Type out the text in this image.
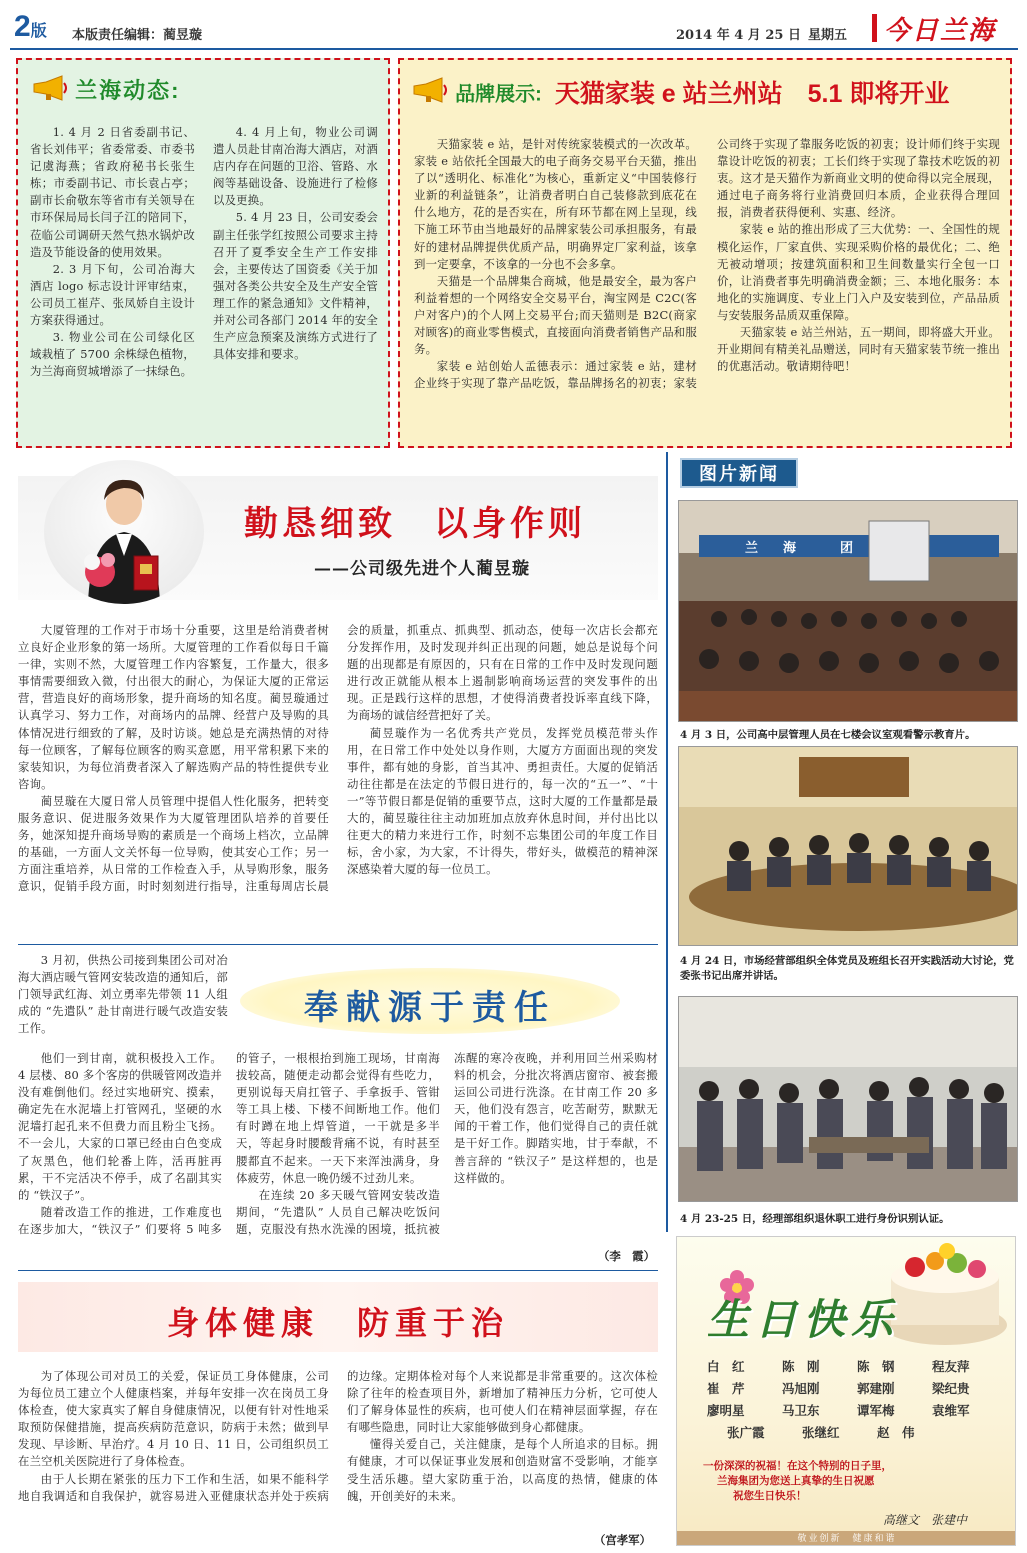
2版 本版责任编辑：蔺昱璇	2014 年 4 月 25 日 星期五 今日兰海
兰海动态:

1. 4 月 2 日省委副书记、省长刘伟平；省委常委、市委书记虞海燕；省政府秘书长张生栋；市委副书记、市长袁占亭；副市长俞敬东等省市有关领导在市环保局局长闫子江的陪同下，莅临公司调研天然气热水锅炉改造及节能设备的使用效果。

2. 3 月下旬，公司冶海大酒店 logo 标志设计评审结束，公司员工崔芹、张凤娇自主设计方案获得通过。

3. 物业公司在公司绿化区域栽植了 5700 余株绿色植物，为兰海商贸城增添了一抹绿色。

4. 4 月上旬，物业公司调遣人员赴甘南冶海大酒店，对酒店内存在问题的卫浴、管路、水阀等基础设备、设施进行了检修以及更换。

5. 4 月 23 日，公司安委会副主任张学红按照公司要求主持召开了夏季安全生产工作安排会，主要传达了国资委《关于加强对各类公共安全及生产安全管理工作的紧急通知》文件精神，并对公司各部门 2014 年的安全生产应急预案及演练方式进行了具体安排和要求。

品牌展示: 天猫家装 e 站兰州站　5.1 即将开业

天猫家装 e 站，是针对传统家装模式的一次改革。家装 e 站依托全国最大的电子商务交易平台天猫，推出了以“透明化、标准化”为核心，重新定义“中国装修行业新的利益链条”，让消费者明白自己装修款到底花在什么地方，花的是否实在，所有环节都在网上呈现，线下施工环节由当地最好的品牌家装公司承担服务，有最好的建材品牌提供优质产品，明确界定厂家利益，该拿到一定要拿，不该拿的一分也不会多拿。

天猫是一个品牌集合商城，他是最安全，最为客户利益着想的一个网络安全交易平台，淘宝网是 C2C(客户对客户)的个人网上交易平台;而天猫则是 B2C(商家对顾客)的商业零售模式，直接面向消费者销售产品和服务。

家装 e 站创始人孟德表示：通过家装 e 站，建材企业终于实现了靠产品吃饭，靠品牌扬名的初衷；家装公司终于实现了靠服务吃饭的初衷；设计师们终于实现靠设计吃饭的初衷；工长们终于实现了靠技术吃饭的初衷。这才是天猫作为新商业文明的使命得以完全展现，通过电子商务将行业消费回归本质，企业获得合理回报，消费者获得便利、实惠、经济。

家装 e 站的推出形成了三大优势：一、全国性的规模化运作，厂家直供、实现采购价格的最优化；二、绝无被动增项；按建筑面积和卫生间数量实行全包一口价，让消费者事先明确消费金额；三、本地化服务：本地化的实施调度、专业上门入户及安装到位，产品品质与安装服务品质双重保障。

天猫家装 e 站兰州站，五一期间，即将盛大开业。开业期间有精美礼品赠送，同时有天猫家装节统一推出的优惠活动。敬请期待吧！

勤恳细致　以身作则
——公司级先进个人蔺昱璇

大厦管理的工作对于市场十分重要，这里是给消费者树立良好企业形象的第一场所。大厦管理的工作看似每日千篇一律，实则不然，大厦管理工作内容繁复，工作量大，很多事情需要细致入微，付出很大的耐心，为保证大厦的正常运营，营造良好的商场形象，提升商场的知名度。蔺昱璇通过认真学习、努力工作，对商场内的品牌、经营户及导购的具体情况进行细致的了解，及时访谈。她总是充满热情的对待每一位顾客，了解每位顾客的购买意愿，用平常积累下来的家装知识，为每位消费者深入了解选购产品的特性提供专业咨询。

蔺昱璇在大厦日常人员管理中提倡人性化服务，把转变服务意识、促进服务效果作为大厦管理团队培养的首要任务，她深知提升商场导购的素质是一个商场上档次，立品牌的基础，一方面人文关怀每一位导购，使其安心工作；另一方面注重培养，从日常的工作检查入手，从导购形象，服务意识，促销手段方面，时时刻刻进行指导，注重每周店长晨会的质量，抓重点、抓典型、抓动态，使每一次店长会都充分发挥作用，及时发现并纠正出现的问题，她总是说每个问题的出现都是有原因的，只有在日常的工作中及时发现问题进行改正就能从根本上遏制影响商场运营的突发事件的出现。正是践行这样的思想，才使得消费者投诉率直线下降，为商场的诚信经营把好了关。

蔺昱璇作为一名优秀共产党员，发挥党员模范带头作用，在日常工作中处处以身作则，大厦方方面面出现的突发事件，都有她的身影，首当其冲、勇担责任。大厦的促销活动往往都是在法定的节假日进行的，每一次的“五一”、“十一”等节假日都是促销的重要节点，这时大厦的工作量都是最大的，蔺昱璇往往主动加班加点放弃休息时间，并付出比以往更大的精力来进行工作，时刻不忘集团公司的年度工作目标，舍小家，为大家，不计得失，带好头，做模范的精神深深感染着大厦的每一位员工。

图片新闻
兰　海　　团
4 月 3 日，公司高中层管理人员在七楼会议室观看警示教育片。
4 月 24 日，市场经营部组织全体党员及班组长召开实践活动大讨论，党委张书记出席并讲话。
4 月 23-25 日，经理部组织退休职工进行身份识别认证。
奉献源于责任

3 月初，供热公司接到集团公司对冶海大酒店暖气管网安装改造的通知后，部门领导武红海、刘立勇率先带领 11 人组成的 “先遣队” 赴甘南进行暖气改造安装工作。

他们一到甘南，就积极投入工作。4 层楼、80 多个客房的供暖管网改造并没有难倒他们。经过实地研究、摸索，确定先在水泥墙上打管网孔，坚硬的水泥墙打起孔来不但费力而且粉尘飞扬。不一会儿，大家的口罩已经由白色变成了灰黑色，他们轮番上阵，活再脏再累，干不完活决不停手，成了名副其实的 “铁汉子”。

随着改造工作的推进，工作难度也在逐步加大，“铁汉子” 们要将 5 吨多的管子，一根根抬到施工现场，甘南海拔较高，随便走动都会觉得有些吃力，更别说每天肩扛管子、手拿扳手、管钳等工具上楼、下楼不间断地工作。他们有时蹲在地上焊管道，一干就是多半天，等起身时腰酸背痛不说，有时甚至腰都直不起来。一天下来浑浊满身，身体疲劳，休息一晚仍缓不过劲儿来。

在连续 20 多天暖气管网安装改造期间，“先遣队” 人员自己解决吃饭问题，克服没有热水洗澡的困境，抵抗被冻醒的寒冷夜晚，并利用回兰州采购材料的机会，分批次将酒店窗帘、被套搬运回公司进行洗涤。在甘南工作 20 多天，他们没有怨言，吃苦耐劳，默默无闻的干着工作，他们觉得自己的责任就是干好工作。脚踏实地，甘于奉献，不善言辞的 “铁汉子” 是这样想的，也是这样做的。

（李　霞）
身体健康　防重于治

为了体现公司对员工的关爱，保证员工身体健康，公司为每位员工建立个人健康档案，并每年安排一次在岗员工身体检查，使大家真实了解自身健康情况，以便有针对性地采取预防保健措施，提高疾病防范意识，防病于未然；做到早发现、早诊断、早治疗。4 月 10 日、11 日，公司组织员工在兰空机关医院进行了身体检查。

由于人长期在紧张的压力下工作和生活，如果不能科学地自我调适和自我保护，就容易进入亚健康状态并处于疾病的边缘。定期体检对每个人来说都是非常重要的。这次体检除了往年的检查项目外，新增加了精神压力分析，它可使人们了解身体显性的疾病，也可使人们在精神层面掌握，存在有哪些隐患，同时让大家能够做到身心都健康。

懂得关爱自己，关注健康，是每个人所追求的目标。拥有健康，才可以保证事业发展和创造财富不受影响，才能享受生活乐趣。望大家防重于治，以高度的热情，健康的体魄，开创美好的未来。

（宫孝军）
生日快乐
白　红	陈　刚	陈　钢	程友萍
崔　芹	冯旭刚	郭建刚	梁纪贵
廖明星	马卫东	谭军梅	袁维军
张广霞	张继红	赵　伟
一份深深的祝福！在这个特别的日子里，
兰海集团为您送上真挚的生日祝愿
祝您生日快乐！
高继文　张建中
敬业创新　健康和谐
